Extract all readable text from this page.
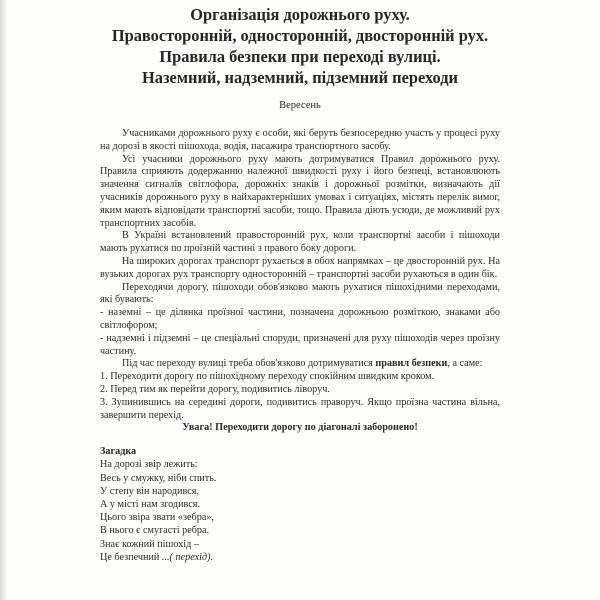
Організація дорожнього руху.
Правосторонній, односторонній, двосторонній рух.
Правила безпеки при переході вулиці.
Наземний, надземний, підземний переходи
Вересень

Учасниками дорожнього руху є особи, які беруть безпосередню участь у процесі руху на дорозі в якості пішохода, водія, пасажира транспортного засобу.

Усі учасники дорожнього руху мають дотримуватися Правил дорожнього руху. Правила сприяють додержанню належної швидкості руху і його безпеці, встановлюють значення сигналів світлофора, дорожніх знаків і дорожньої розмітки, визначають дії учасників дорожнього руху в найхарактерніших умовах і ситуаціях, містять перелік вимог, яким мають відповідати транспортні засоби, тощо. Правила діють усюди, де можливий рух транспортних засобів.

В Україні встановлений правосторонній рух, коли транспортні засоби і пішоходи мають рухатися по проїзній частині з правого боку дороги.

На широких дорогах транспорт рухається в обох напрямках – це двосторонній рух. На вузьких дорогах рух транспорту односторонній – транспортні засоби рухаються в один бік.

Переходячи дорогу, пішоходи обов'язково мають рухатися пішохідними переходами, які бувають:

- наземні – це ділянка проїзної частини, позначена дорожньою розміткою, знаками або світлофором;

- надземні і підземні – це спеціальні споруди, призначені для руху пішоходів через проїзну частину.

Під час переходу вулиці треба обов'язково дотримуватися правил безпеки, а саме:

1. Переходити дорогу по пішохідному переходу спокійним швидким кроком.

2. Перед тим як перейти дорогу, подивитись ліворуч.

3. Зупинившись на середині дороги, подивитись праворуч. Якщо проїзна частина вільна, завершити перехід.

Увага! Переходити дорогу по діагоналі заборонено!

Загадка
На дорозі звір лежить:
Весь у смужку, ніби спить.
У степу він народився,
А у місті нам згодився.
Цього звіра звати «зебра»,
В нього є смугасті ребра.
Знає кожний пішохід –
Це безпечний ...( перехід).
